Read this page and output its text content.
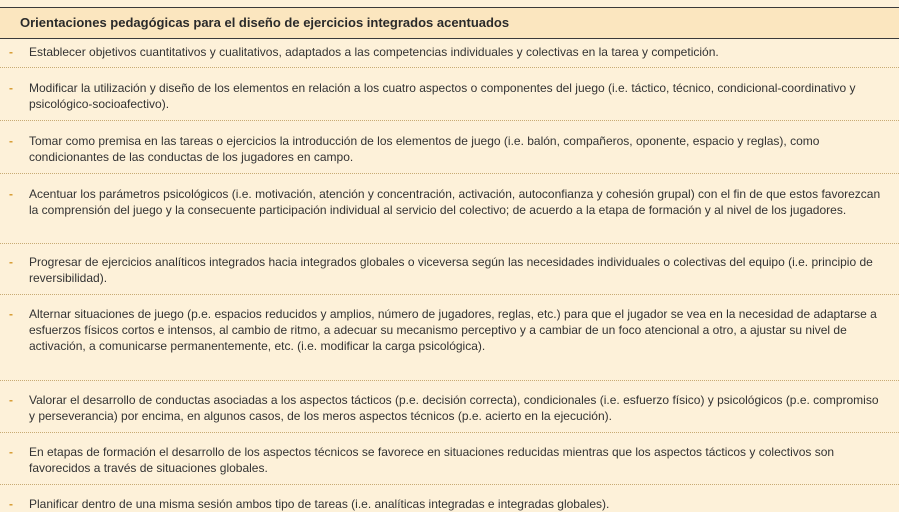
Orientaciones pedagógicas para el diseño de ejercicios integrados acentuados
- Establecer objetivos cuantitativos y cualitativos, adaptados a las competencias individuales y colectivas en la tarea y competición.

- Modificar la utilización y diseño de los elementos en relación a los cuatro aspectos o componentes del juego (i.e. táctico, técnico, condicional-coordinativo y psicológico-socioafectivo).

- Tomar como premisa en las tareas o ejercicios la introducción de los elementos de juego (i.e. balón, compañeros, oponente, espacio y reglas), como condicionantes de las conductas de los jugadores en campo.

- Acentuar los parámetros psicológicos (i.e. motivación, atención y concentración, activación, autoconfianza y cohesión grupal) con el fin de que estos favorezcan la comprensión del juego y la consecuente participación individual al servicio del colectivo; de acuerdo a la etapa de formación y al nivel de los jugadores.

- Progresar de ejercicios analíticos integrados hacia integrados globales o viceversa según las necesidades individuales o colectivas del equipo (i.e. principio de reversibilidad).

- Alternar situaciones de juego (p.e. espacios reducidos y amplios, número de jugadores, reglas, etc.) para que el jugador se vea en la necesidad de adaptarse a esfuerzos físicos cortos e intensos, al cambio de ritmo, a adecuar su mecanismo perceptivo y a cambiar de un foco atencional a otro, a ajustar su nivel de activación, a comunicarse permanentemente, etc. (i.e. modificar la carga psicológica).

- Valorar el desarrollo de conductas asociadas a los aspectos tácticos (p.e. decisión correcta), condicionales (i.e. esfuerzo físico) y psicológicos (p.e. compromiso y perseverancia) por encima, en algunos casos, de los meros aspectos técnicos (p.e. acierto en la ejecución).

- En etapas de formación el desarrollo de los aspectos técnicos se favorece en situaciones reducidas mientras que los aspectos tácticos y colectivos son favorecidos a través de situaciones globales.

- Planificar dentro de una misma sesión ambos tipo de tareas (i.e. analíticas integradas e integradas globales).
